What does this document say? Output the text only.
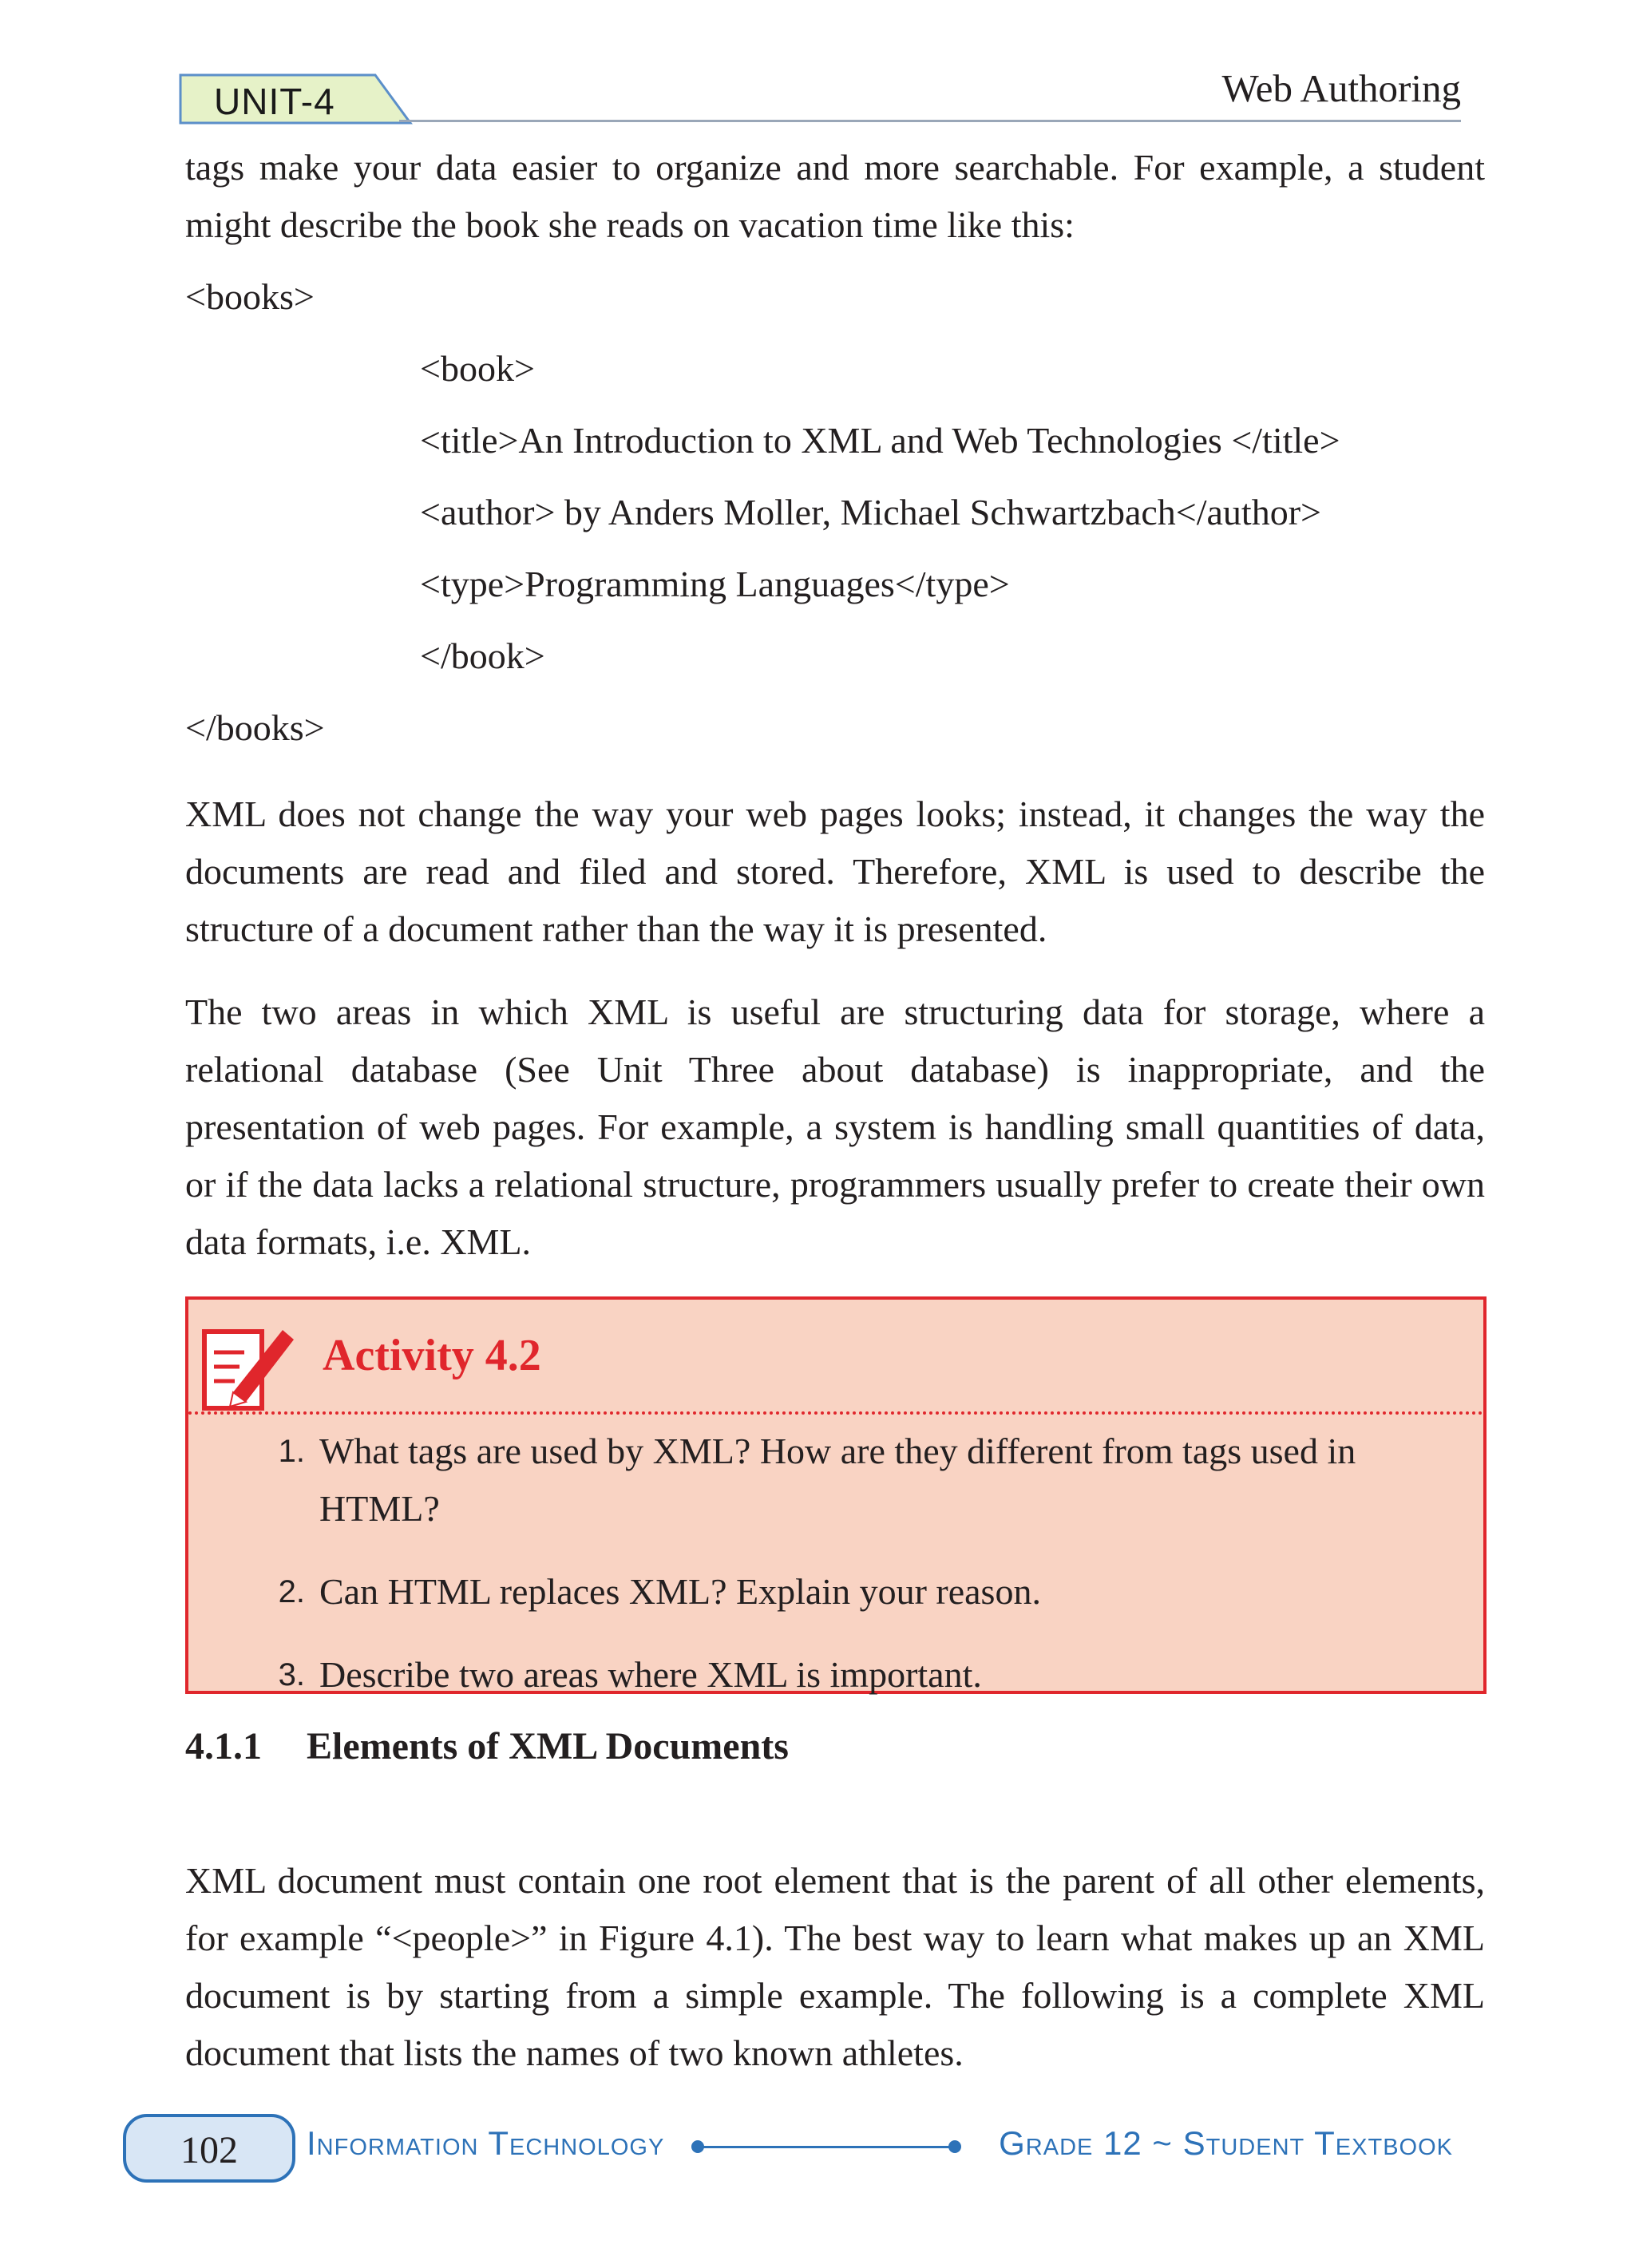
UNIT-4	Web Authoring
tags make your data easier to organize and more searchable. For example, a student
might describe the book she reads on vacation time like this:
<books>
<book>
<title>An Introduction to XML and Web Technologies </title>
<author> by Anders Moller, Michael Schwartzbach</author>
<type>Programming Languages</type>
</book>
</books>
XML does not change the way your web pages looks; instead, it changes the way the documents are read and filed and stored. Therefore, XML is used to describe the structure of a document rather than the way it is presented.
The two areas in which XML is useful are structuring data for storage, where a relational database (See Unit Three about database) is inappropriate, and the presentation of web pages. For example, a system is handling small quantities of data, or if the data lacks a relational structure, programmers usually prefer to create their own data formats, i.e. XML.
Activity 4.2
1. What tags are used by XML? How are they different from tags used in HTML?
2. Can HTML replaces XML? Explain your reason.
3. Describe two areas where XML is important.
4.1.1 Elements of XML Documents
XML document must contain one root element that is the parent of all other elements, for example “<people>” in Figure 4.1). The best way to learn what makes up an XML document is by starting from a simple example. The following is a complete XML document that lists the names of two known athletes.
102	Information Technology	Grade 12 ~ Student Textbook
